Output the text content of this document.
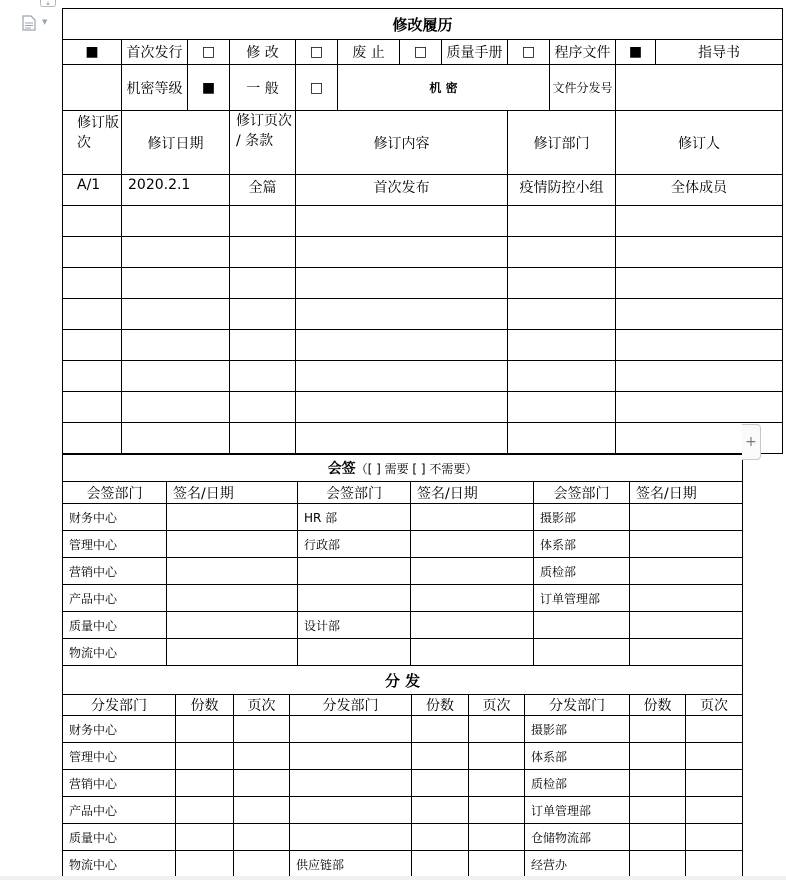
⇣
▼	修改履历											
■	首次发行	□	修 改	□	废 止	□	质量手册	□	程序文件	■	指导书
	机密等级	■	一 般	□	机 密				文件分发号		
修订版次	修订日期		修订页次 / 条款	修订内容				修订部门		修订人	
A/1	2020.2.1		全篇	首次发布				疫情防控小组		全体成员	

会签（[ ] 需要 [ ] 不需要）					
会签部门	签名/日期	会签部门	签名/日期	会签部门	签名/日期
财务中心		HR 部		摄影部	
管理中心		行政部		体系部	
营销中心				质检部	
产品中心				订单管理部	
质量中心		设计部			
物流中心					
分 发								
分发部门	份数	页次	分发部门	份数	页次	分发部门	份数	页次
财务中心						摄影部		
管理中心						体系部		
营销中心						质检部		
产品中心						订单管理部		
质量中心						仓储物流部		
物流中心			供应链部			经营办		
+
